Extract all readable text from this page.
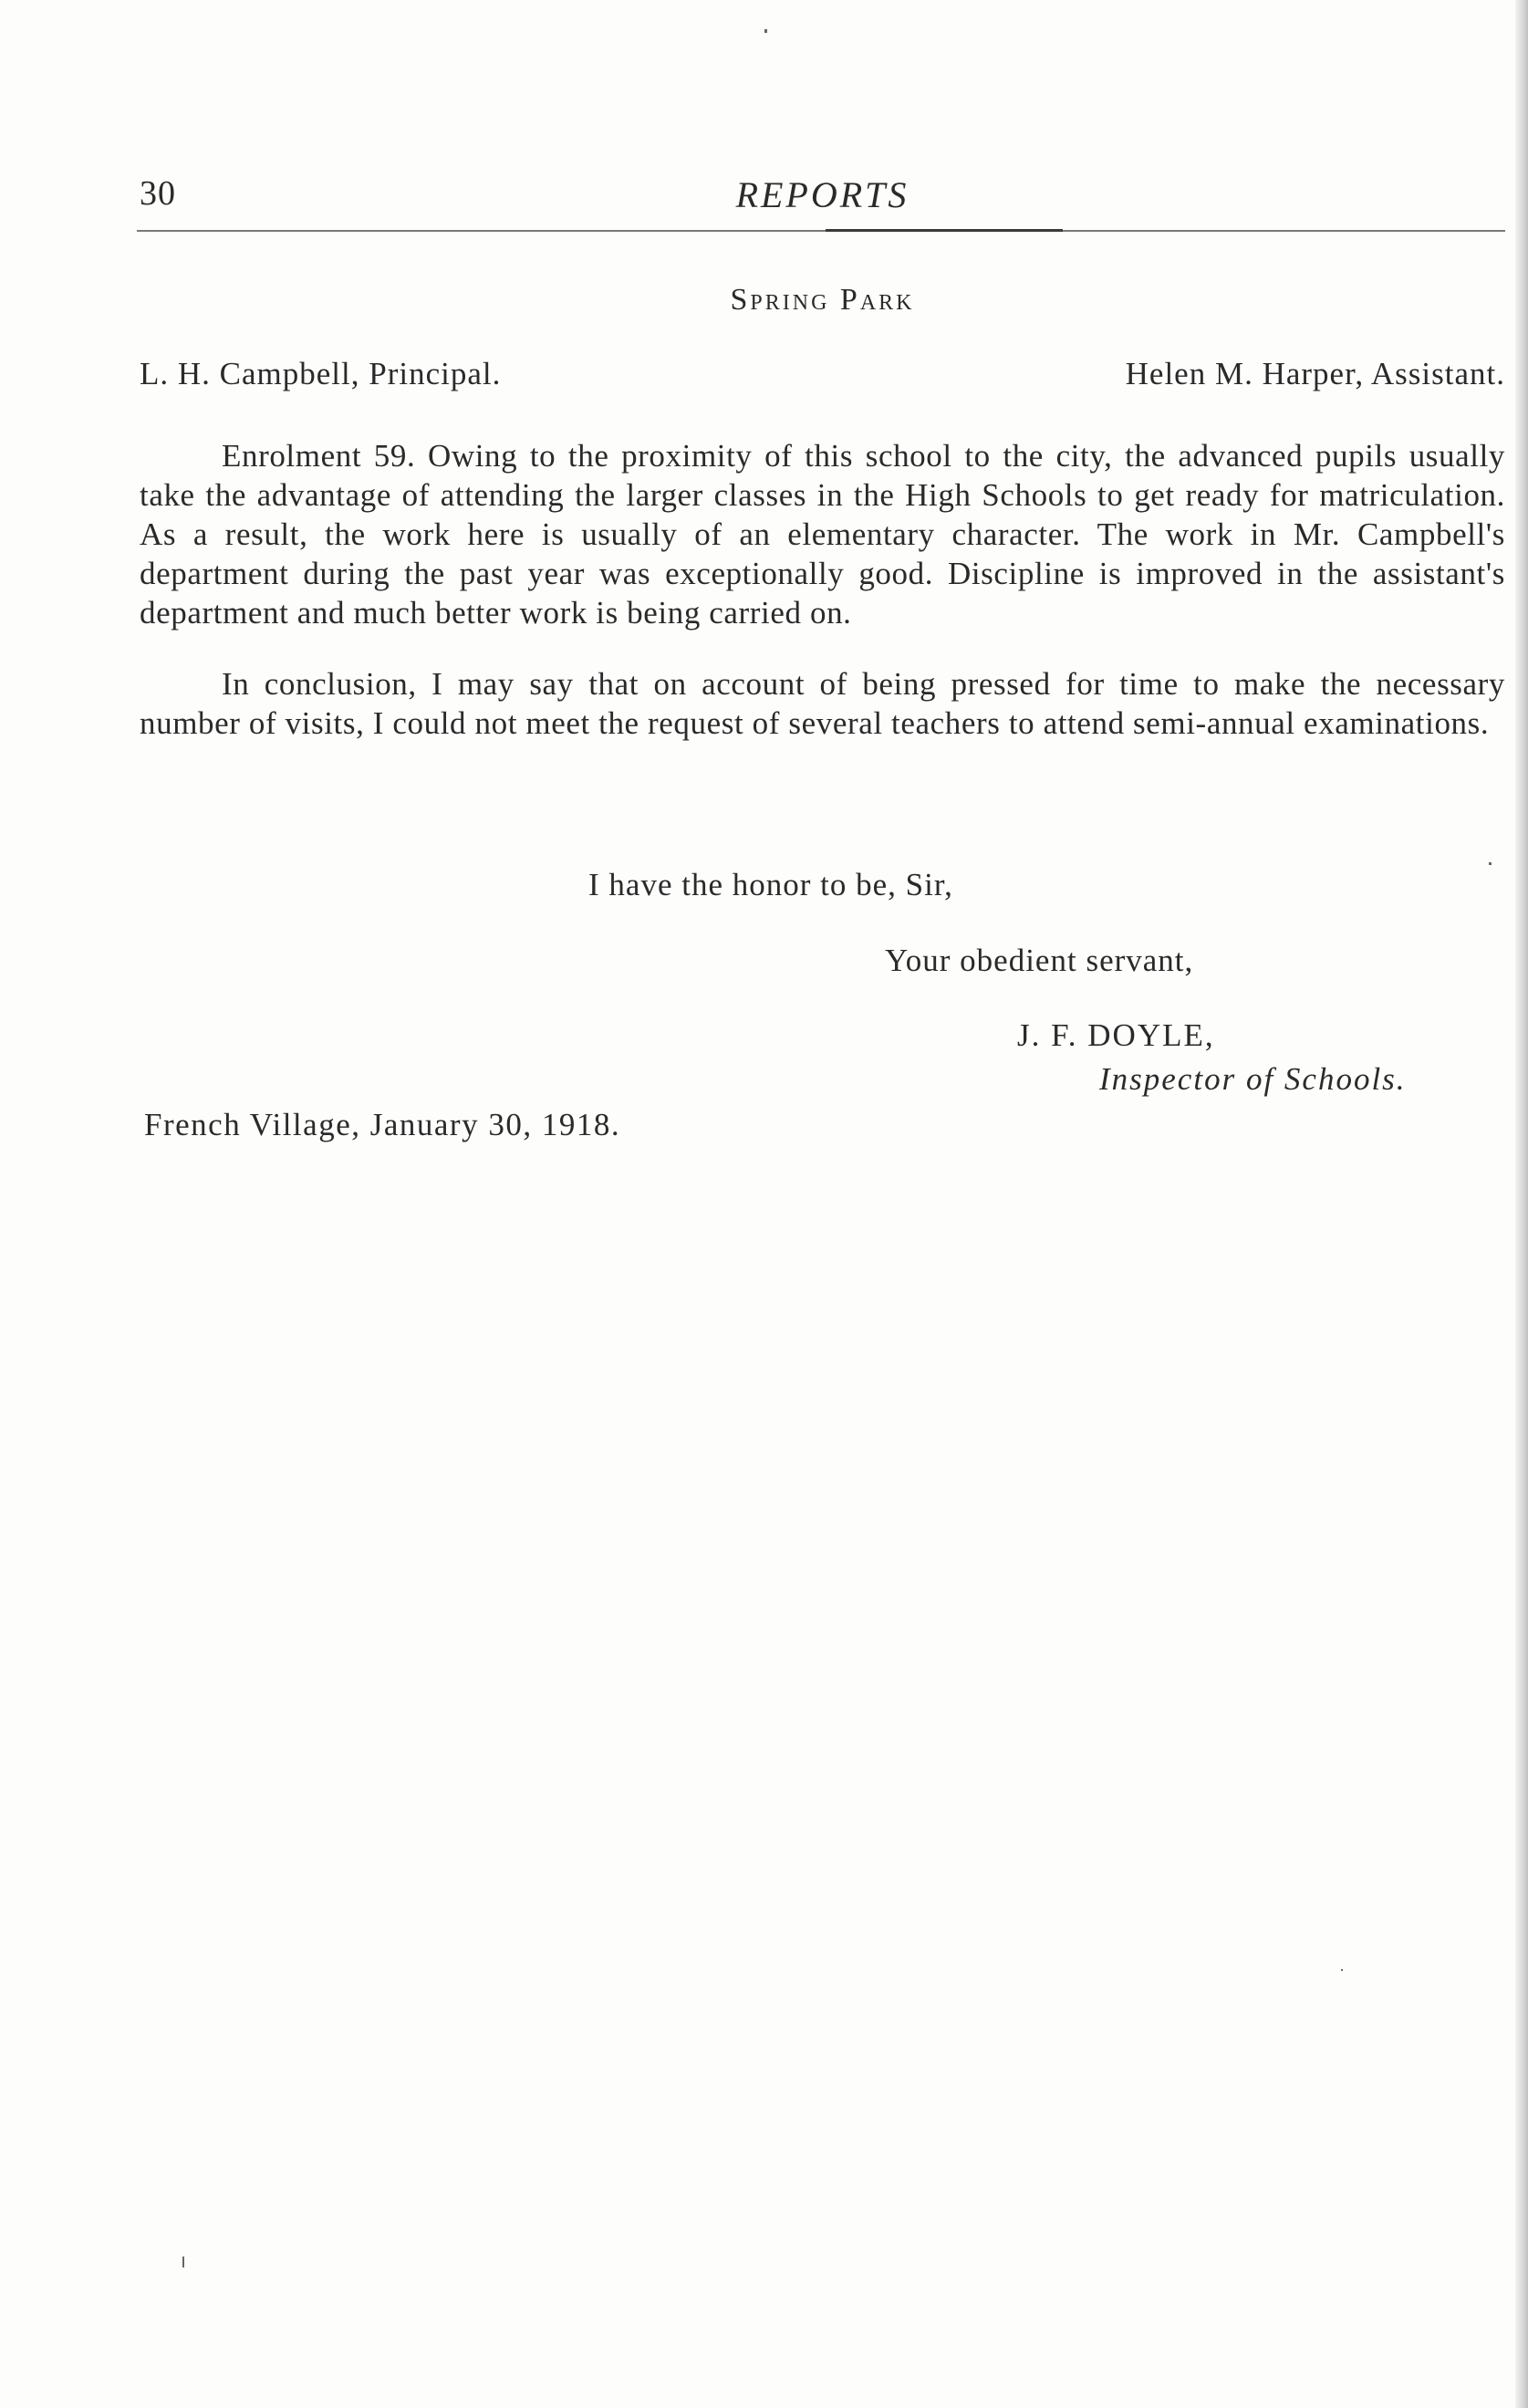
30	REPORTS
Spring Park
L. H. Campbell, Principal.	Helen M. Harper, Assistant.

Enrolment 59. Owing to the proximity of this school to the city, the advanced pupils usually take the advantage of attending the larger classes in the High Schools to get ready for matriculation. As a result, the work here is usually of an elementary character. The work in Mr. Campbell's department during the past year was exceptionally good. Discipline is improved in the assistant's department and much better work is being carried on.

In conclusion, I may say that on account of being pressed for time to make the necessary number of visits, I could not meet the request of several teachers to attend semi-annual examinations.

I have the honor to be, Sir,
Your obedient servant,
J. F. DOYLE,
Inspector of Schools.
French Village, January 30, 1918.
